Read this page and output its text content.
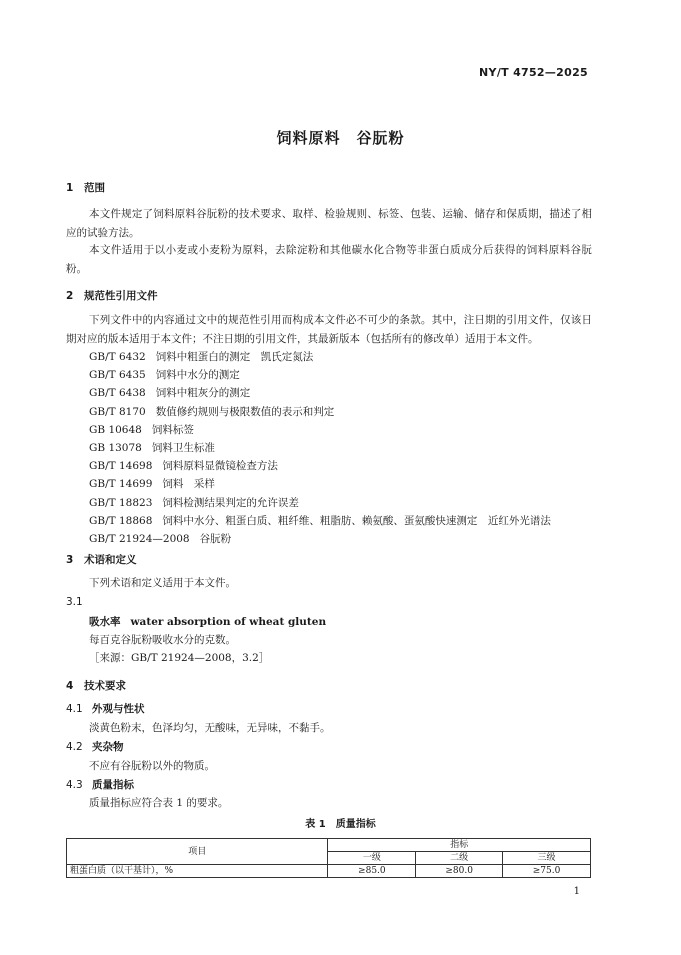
NY/T 4752—2025
饲料原料　谷朊粉
1 范围
本文件规定了饲料原料谷朊粉的技术要求、取样、检验规则、标签、包装、运输、储存和保质期，描述了相应的试验方法。
本文件适用于以小麦或小麦粉为原料，去除淀粉和其他碳水化合物等非蛋白质成分后获得的饲料原料谷朊粉。
2 规范性引用文件
下列文件中的内容通过文中的规范性引用而构成本文件必不可少的条款。其中，注日期的引用文件，仅该日期对应的版本适用于本文件；不注日期的引用文件，其最新版本（包括所有的修改单）适用于本文件。
GB/T 6432 饲料中粗蛋白的测定　凯氏定氮法
GB/T 6435 饲料中水分的测定
GB/T 6438 饲料中粗灰分的测定
GB/T 8170 数值修约规则与极限数值的表示和判定
GB 10648 饲料标签
GB 13078 饲料卫生标准
GB/T 14698 饲料原料显微镜检查方法
GB/T 14699 饲料　采样
GB/T 18823 饲料检测结果判定的允许误差
GB/T 18868 饲料中水分、粗蛋白质、粗纤维、粗脂肪、赖氨酸、蛋氨酸快速测定　近红外光谱法
GB/T 21924—2008 谷朊粉
3 术语和定义
下列术语和定义适用于本文件。
3.1
吸水率 water absorption of wheat gluten
每百克谷朊粉吸收水分的克数。
［来源：GB/T 21924—2008，3.2］
4 技术要求
4.1 外观与性状
淡黄色粉末，色泽均匀，无酸味，无异味，不黏手。
4.2 夹杂物
不应有谷朊粉以外的物质。
4.3 质量指标
质量指标应符合表 1 的要求。
表 1　质量指标
项目	指标		
	一级	二级	三级
粗蛋白质（以干基计），%	≥85.0	≥80.0	≥75.0
1
